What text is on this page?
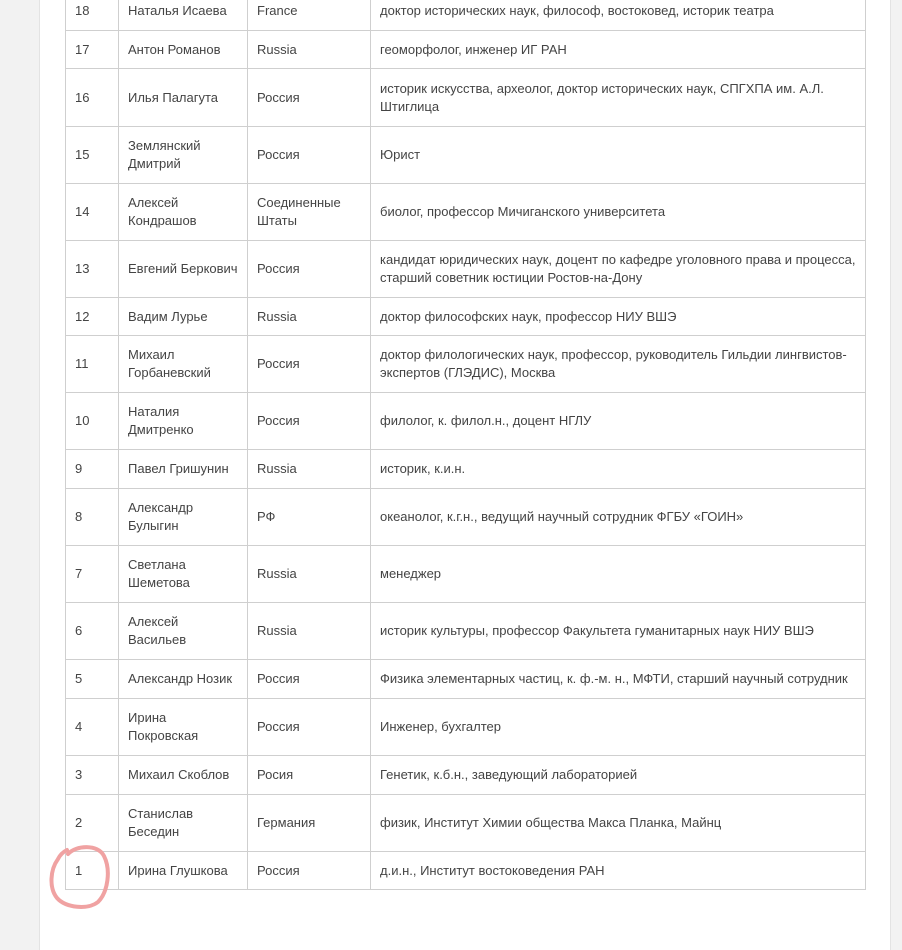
18	Наталья Исаева	France	доктор исторических наук, философ, востоковед, историк театра
17	Антон Романов	Russia	геоморфолог, инженер ИГ РАН
16	Илья Палагута	Россия	историк искусства, археолог, доктор исторических наук, СПГХПА им. А.Л. Штиглица
15	Землянский Дмитрий	Россия	Юрист
14	Алексей Кондрашов	Соединенные Штаты	биолог, профессор Мичиганского университета
13	Евгений Беркович	Россия	кандидат юридических наук, доцент по кафедре уголовного права и процесса, старший советник юстиции Ростов-на-Дону
12	Вадим Лурье	Russia	доктор философских наук, профессор НИУ ВШЭ
11	Михаил Горбаневский	Россия	доктор филологических наук, профессор, руководитель Гильдии лингвистов-экспертов (ГЛЭДИС), Москва
10	Наталия Дмитренко	Россия	филолог, к. филол.н., доцент НГЛУ
9	Павел Гришунин	Russia	историк, к.и.н.
8	Александр Булыгин	РФ	океанолог, к.г.н., ведущий научный сотрудник ФГБУ «ГОИН»
7	Светлана Шеметова	Russia	менеджер
6	Алексей Васильев	Russia	историк культуры, профессор Факультета гуманитарных наук НИУ ВШЭ
5	Александр Нозик	Россия	Физика элементарных частиц, к. ф.-м. н., МФТИ, старший научный сотрудник
4	Ирина Покровская	Россия	Инженер, бухгалтер
3	Михаил Скоблов	Росия	Генетик, к.б.н., заведующий лабораторией
2	Станислав Беседин	Германия	физик, Институт Химии общества Макса Планка, Майнц
1	Ирина Глушкова	Россия	д.и.н., Институт востоковедения РАН
